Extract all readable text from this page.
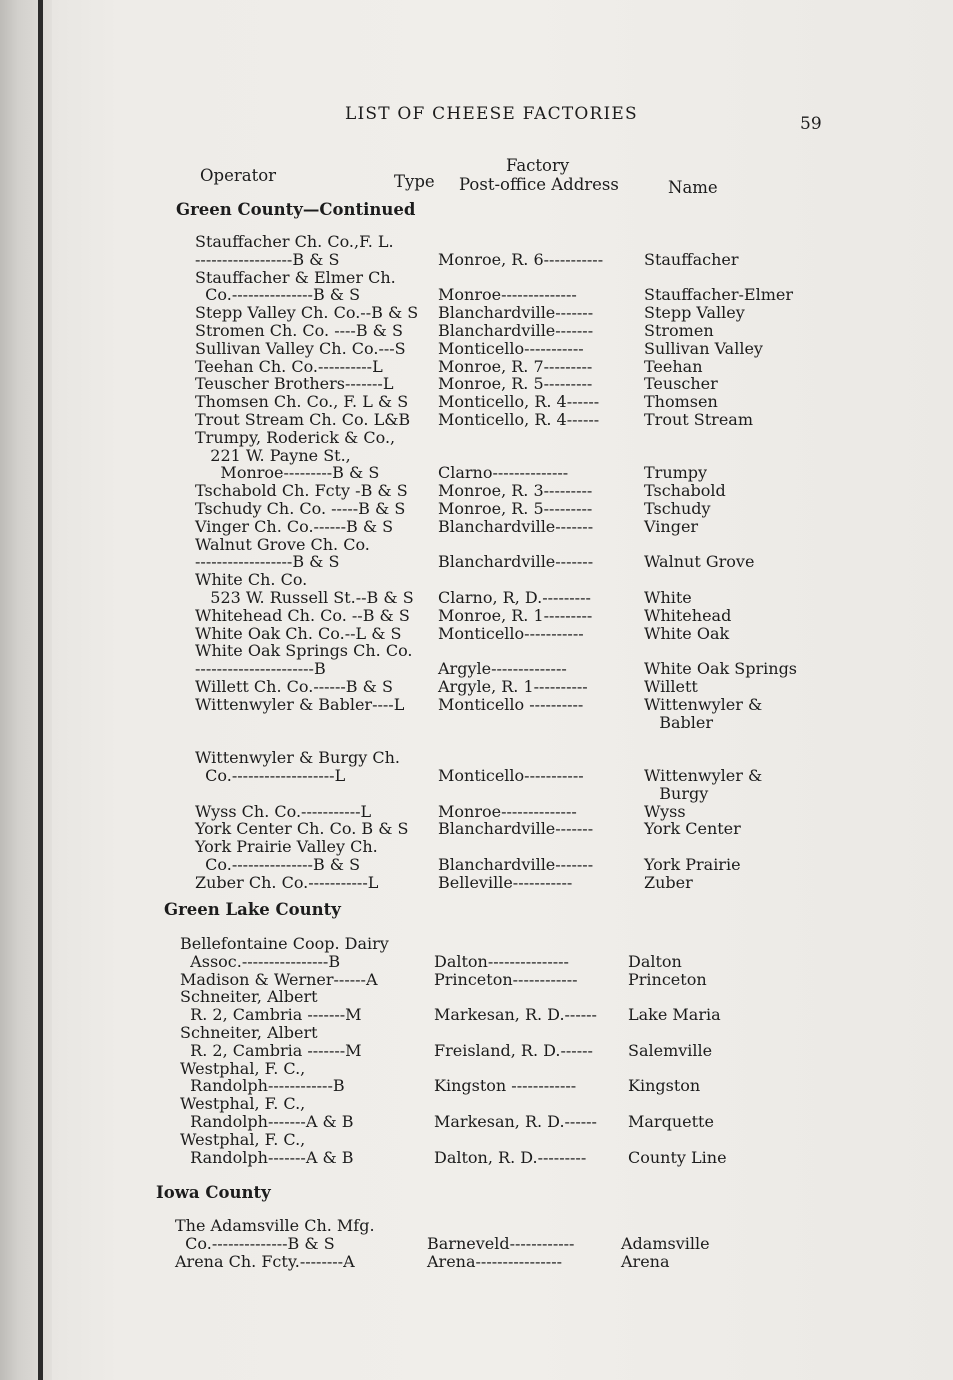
LIST OF CHEESE FACTORIES	59
Operator	Type
Factory
Post-office Address	Name
Green County—Continued
Stauffacher Ch. Co.,F. L.
------------------B & S	Monroe, R. 6-----------	Stauffacher
Stauffacher & Elmer Ch.
Co.---------------B & S	Monroe--------------	Stauffacher-Elmer
Stepp Valley Ch. Co.--B & S Blanchardville-------	Stepp Valley
Stromen Ch. Co. ----B & S Blanchardville-------	Stromen
Sullivan Valley Ch. Co.---S Monticello-----------	Sullivan Valley
Teehan Ch. Co.----------L	Monroe, R. 7---------	Teehan
Teuscher Brothers-------L	Monroe, R. 5---------	Teuscher
Thomsen Ch. Co., F. L & S Monticello, R. 4------	Thomsen
Trout Stream Ch. Co. L&B Monticello, R. 4------	Trout Stream
Trumpy, Roderick & Co.,
221 W. Payne St.,
Monroe---------B & S	Clarno--------------	Trumpy
Tschabold Ch. Fcty -B & S Monroe, R. 3---------	Tschabold
Tschudy Ch. Co. -----B & S Monroe, R. 5---------	Tschudy
Vinger Ch. Co.------B & S	Blanchardville-------	Vinger
Walnut Grove Ch. Co.
------------------B & S	Blanchardville-------	Walnut Grove
White Ch. Co.
523 W. Russell St.--B & S Clarno, R, D.---------	White
Whitehead Ch. Co. --B & S Monroe, R. 1---------	Whitehead
White Oak Ch. Co.--L & S Monticello-----------	White Oak
White Oak Springs Ch. Co.
----------------------B	Argyle--------------	White Oak Springs
Willett Ch. Co.------B & S	Argyle, R. 1----------	Willett
Wittenwyler & Babler----L Monticello ----------	Wittenwyler &
Babler
Wittenwyler & Burgy Ch.
Co.-------------------L	Monticello-----------	Wittenwyler &
Burgy
Wyss Ch. Co.-----------L	Monroe--------------	Wyss
York Center Ch. Co. B & S Blanchardville-------	York Center
York Prairie Valley Ch.
Co.---------------B & S	Blanchardville-------	York Prairie
Zuber Ch. Co.-----------L	Belleville-----------	Zuber
Green Lake County
Bellefontaine Coop. Dairy
Assoc.----------------B	Dalton---------------	Dalton
Madison & Werner------A	Princeton------------	Princeton
Schneiter, Albert
R. 2, Cambria -------M	Markesan, R. D.------ Lake Maria
Schneiter, Albert
R. 2, Cambria -------M	Freisland, R. D.------ Salemville
Westphal, F. C.,
Randolph------------B	Kingston ------------	Kingston
Westphal, F. C.,
Randolph-------A & B	Markesan, R. D.------ Marquette
Westphal, F. C.,
Randolph-------A & B	Dalton, R. D.---------	County Line
Iowa County
The Adamsville Ch. Mfg.
Co.--------------B & S	Barneveld------------	Adamsville
Arena Ch. Fcty.--------A	Arena----------------	Arena
